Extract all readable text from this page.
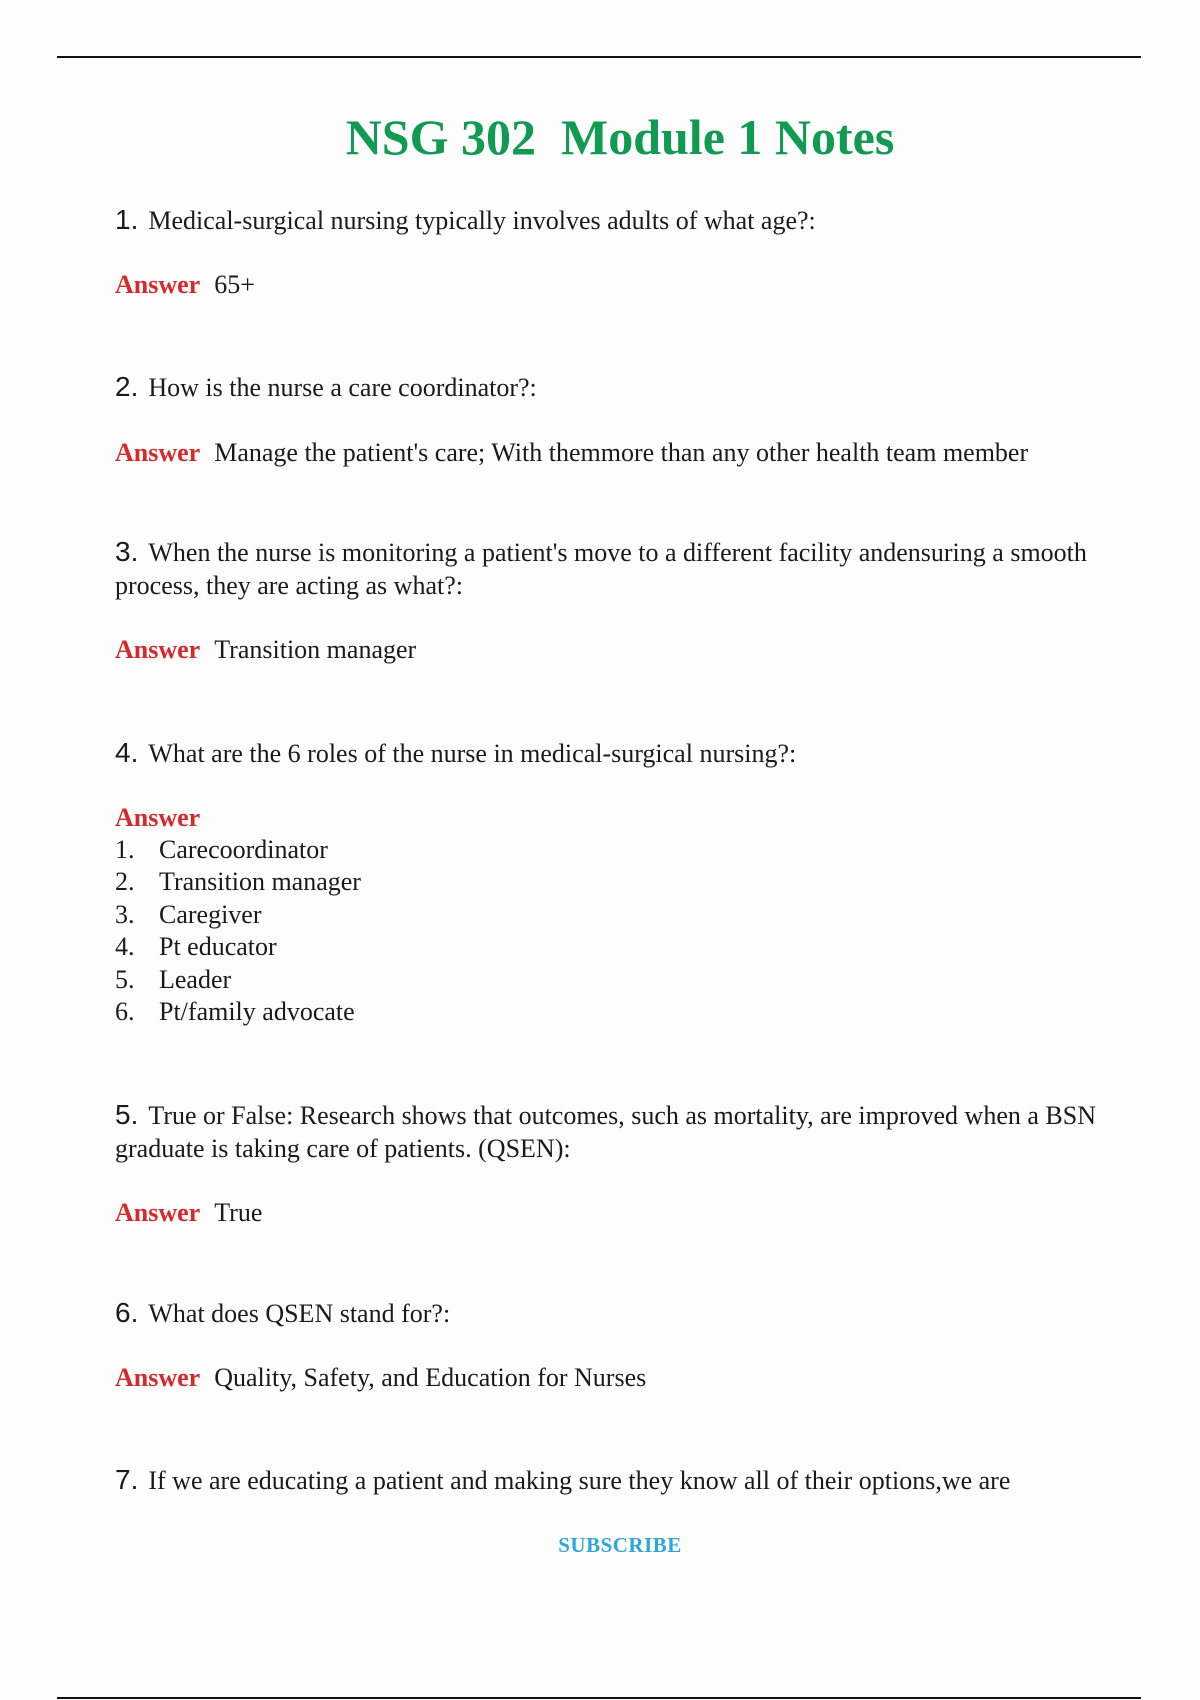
NSG 302  Module 1 Notes
1. Medical-surgical nursing typically involves adults of what age?:
Answer 65+
2. How is the nurse a care coordinator?:
Answer Manage the patient's care; With themmore than any other health team member
3. When the nurse is monitoring a patient's move to a different facility andensuring a smooth process, they are acting as what?:
Answer Transition manager
4. What are the 6 roles of the nurse in medical-surgical nursing?:
Answer
1. Carecoordinator
2. Transition manager
3. Caregiver
4. Pt educator
5. Leader
6. Pt/family advocate
5. True or False: Research shows that outcomes, such as mortality, are improved when a BSN graduate is taking care of patients. (QSEN):
Answer True
6. What does QSEN stand for?:
Answer Quality, Safety, and Education for Nurses
7. If we are educating a patient and making sure they know all of their options,we are
SUBSCRIBE
